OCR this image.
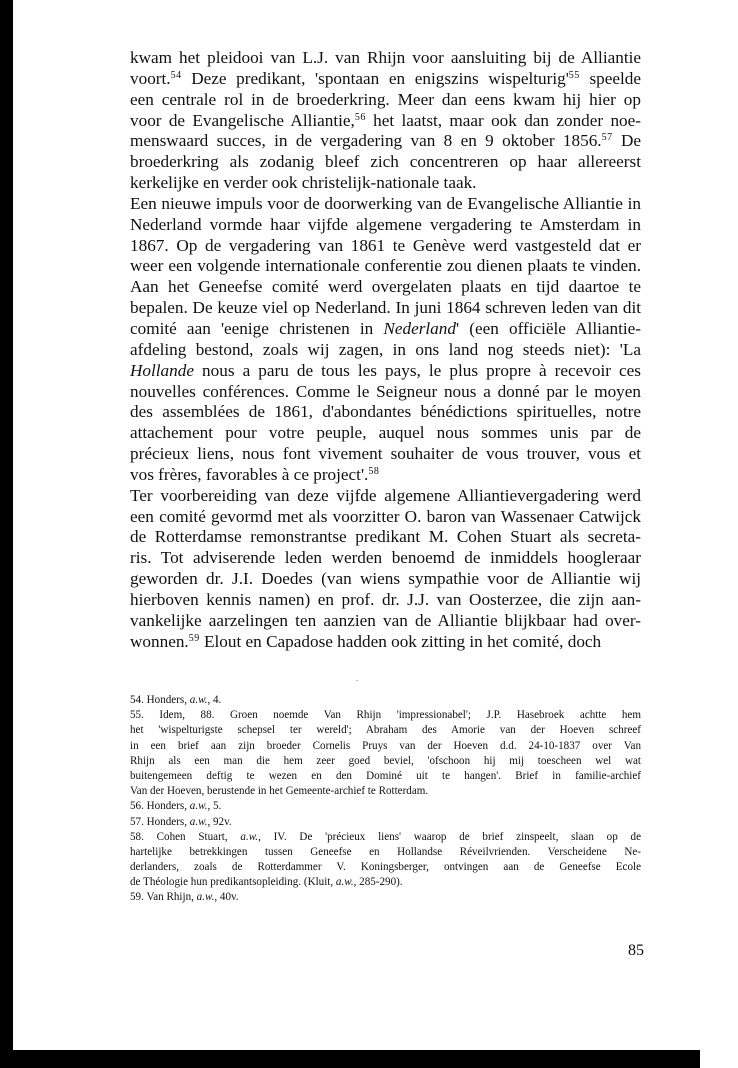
kwam het pleidooi van L.J. van Rhijn voor aansluiting bij de Alliantie
voort.$^{54}$ Deze predikant, 'spontaan en enigszins wispelturig'$^{55}$ speelde
een centrale rol in de broederkring. Meer dan eens kwam hij hier op
voor de Evangelische Alliantie,$^{56}$ het laatst, maar ook dan zonder noe-
menswaard succes, in de vergadering van 8 en 9 oktober 1856.57 De
broederkring als zodanig bleef zich concentreren op haar allereerst
kerkelijke en verder ook christelijk-nationale taak.
Een nieuwe impuls voor de doorwerking van de Evangelische Alliantie in
Nederland vormde haar vijfde algemene vergadering te Amsterdam in
1867. Op de vergadering van 1861 te Genève werd vastgesteld dat er
weer een volgende internationale conferentie zou dienen plaats te vinden.
Aan het Geneefse comité werd overgelaten plaats en tijd daartoe te
bepalen. De keuze viel op Nederland. In juni 1864 schreven leden van dit
comité aan 'eenige christenen in Nederland' (een officiële Alliantie-
afdeling bestond, zoals wij zagen, in ons land nog steeds niet): 'La
Hollande nous a paru de tous les pays, le plus propre à recevoir ces
nouvelles conférences. Comme le Seigneur nous a donné par le moyen
des assemblées de 1861, d'abondantes bénédictions spirituelles, notre
attachement pour votre peuple, auquel nous sommes unis par de
précieux liens, nous font vivement souhaiter de vous trouver, vous et
vos frères, favorables à ce project'.$^{58}$
Ter voorbereiding van deze vijfde algemene Alliantievergadering werd
een comité gevormd met als voorzitter O. baron van Wassenaer Catwijck
de Rotterdamse remonstrantse predikant M. Cohen Stuart als secreta-
ris. Tot adviserende leden werden benoemd de inmiddels hoogleraar
geworden dr. J.I. Doedes (van wiens sympathie voor de Alliantie wij
hierboven kennis namen) en prof. dr. J.J. van Oosterzee, die zijn aan-
vankelijke aarzelingen ten aanzien van de Alliantie blijkbaar had over-
wonnen.$^{59}$ Elout en Capadose hadden ook zitting in het comité, doch
54. Honders, a.w., 4.
55. Idem, 88. Groen noemde Van Rhijn 'impressionabel'; J.P. Hasebroek achtte hem
het 'wispelturigste schepsel ter wereld'; Abraham des Amorie van der Hoeven schreef
in een brief aan zijn broeder Cornelis Pruys van der Hoeven d.d. 24-10-1837 over Van
Rhijn als een man die hem zeer goed beviel, 'ofschoon hij mij toescheen wel wat
buitengemeen deftig te wezen en den Dominé uit te hangen'. Brief in familie-archief
Van der Hoeven, berustende in het Gemeente-archief te Rotterdam.
56. Honders, a.w., 5.
57. Honders, a.w., 92v.
58. Cohen Stuart, a.w., IV. De 'précieux liens' waarop de brief zinspeelt, slaan op de
hartelijke betrekkingen tussen Geneefse en Hollandse Réveilvrienden. Verscheidene Ne-
derlanders, zoals de Rotterdammer V. Koningsberger, ontvingen aan de Geneefse Ecole
de Théologie hun predikantsopleiding. (Kluit, a.w., 285-290).
59. Van Rhijn, a.w., 40v.
85
